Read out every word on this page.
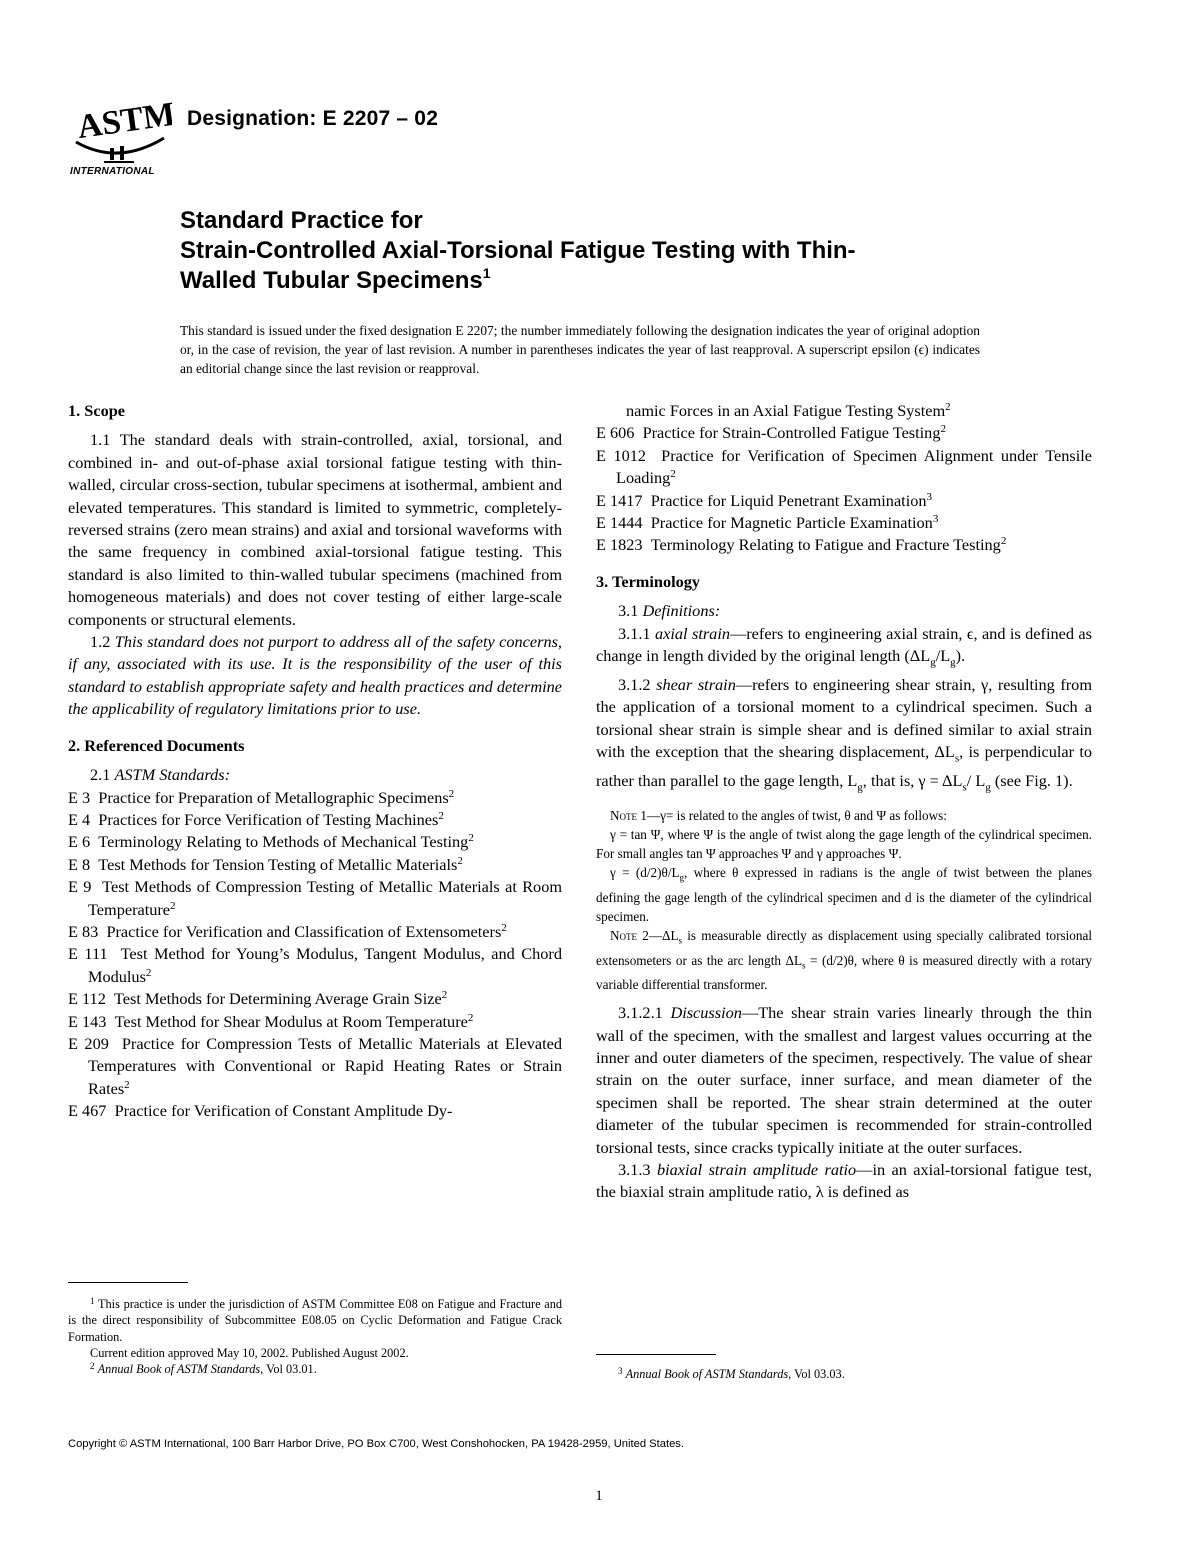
ASTM
INTERNATIONAL
Designation: E 2207 – 02
Standard Practice for
Strain-Controlled Axial-Torsional Fatigue Testing with Thin-
Walled Tubular Specimens$^1$
This standard is issued under the fixed designation E 2207; the number immediately following the designation indicates the year of original adoption or, in the case of revision, the year of last revision. A number in parentheses indicates the year of last reapproval. A superscript epsilon (ϵ) indicates an editorial change since the last revision or reapproval.
1. Scope

1.1 The standard deals with strain-controlled, axial, torsional, and combined in- and out-of-phase axial torsional fatigue testing with thin-walled, circular cross-section, tubular specimens at isothermal, ambient and elevated temperatures. This standard is limited to symmetric, completely-reversed strains (zero mean strains) and axial and torsional waveforms with the same frequency in combined axial-torsional fatigue testing. This standard is also limited to thin-walled tubular specimens (machined from homogeneous materials) and does not cover testing of either large-scale components or structural elements.

1.2 This standard does not purport to address all of the safety concerns, if any, associated with its use. It is the responsibility of the user of this standard to establish appropriate safety and health practices and determine the applicability of regulatory limitations prior to use.

2. Referenced Documents

2.1 ASTM Standards:

E 3 Practice for Preparation of Metallographic Specimens$^2$

E 4 Practices for Force Verification of Testing Machines$^2$

E 6 Terminology Relating to Methods of Mechanical Testing$^2$

E 8 Test Methods for Tension Testing of Metallic Materials$^2$

E 9 Test Methods of Compression Testing of Metallic Materials at Room Temperature$^2$

E 83 Practice for Verification and Classification of Extensometers$^2$

E 111 Test Method for Young’s Modulus, Tangent Modulus, and Chord Modulus$^2$

E 112 Test Methods for Determining Average Grain Size$^2$

E 143 Test Method for Shear Modulus at Room Temperature$^2$

E 209 Practice for Compression Tests of Metallic Materials at Elevated Temperatures with Conventional or Rapid Heating Rates or Strain Rates$^2$

E 467 Practice for Verification of Constant Amplitude Dy-

$^1$ This practice is under the jurisdiction of ASTM Committee E08 on Fatigue and Fracture and is the direct responsibility of Subcommittee E08.05 on Cyclic Deformation and Fatigue Crack Formation.
Current edition approved May 10, 2002. Published August 2002.
$^2$ Annual Book of ASTM Standards, Vol 03.01.

namic Forces in an Axial Fatigue Testing System$^2$

E 606 Practice for Strain-Controlled Fatigue Testing$^2$

E 1012 Practice for Verification of Specimen Alignment under Tensile Loading$^2$

E 1417 Practice for Liquid Penetrant Examination$^3$

E 1444 Practice for Magnetic Particle Examination$^3$

E 1823 Terminology Relating to Fatigue and Fracture Testing$^2$

3. Terminology

3.1 Definitions:

3.1.1 axial strain—refers to engineering axial strain, ϵ, and is defined as change in length divided by the original length $(\Delta L_g/L_g)$.

3.1.2 shear strain—refers to engineering shear strain, γ, resulting from the application of a torsional moment to a cylindrical specimen. Such a torsional shear strain is simple shear and is defined similar to axial strain with the exception that the shearing displacement, $\Delta L_s$, is perpendicular to rather than parallel to the gage length, $L_g$, that is, $\gamma = \Delta L_s/$ $L_g$ (see Fig. 1).

Note 1—γ= is related to the angles of twist, θ and Ψ as follows:

γ = tan Ψ, where Ψ is the angle of twist along the gage length of the cylindrical specimen. For small angles tan Ψ approaches Ψ and γ approaches Ψ.

$\gamma = (d/2)\theta/L_g$, where θ expressed in radians is the angle of twist between the planes defining the gage length of the cylindrical specimen and d is the diameter of the cylindrical specimen.

Note $2—\Delta L_s$ is measurable directly as displacement using specially calibrated torsional extensometers or as the arc length $\Delta L_s = (d/2)\theta$, where θ is measured directly with a rotary variable differential transformer.

3.1.2.1 Discussion—The shear strain varies linearly through the thin wall of the specimen, with the smallest and largest values occurring at the inner and outer diameters of the specimen, respectively. The value of shear strain on the outer surface, inner surface, and mean diameter of the specimen shall be reported. The shear strain determined at the outer diameter of the tubular specimen is recommended for strain-controlled torsional tests, since cracks typically initiate at the outer surfaces.

3.1.3 biaxial strain amplitude ratio—in an axial-torsional fatigue test, the biaxial strain amplitude ratio, λ is defined as

$^3$ Annual Book of ASTM Standards, Vol 03.03.
Copyright © ASTM International, 100 Barr Harbor Drive, PO Box C700, West Conshohocken, PA 19428-2959, United States.
1
